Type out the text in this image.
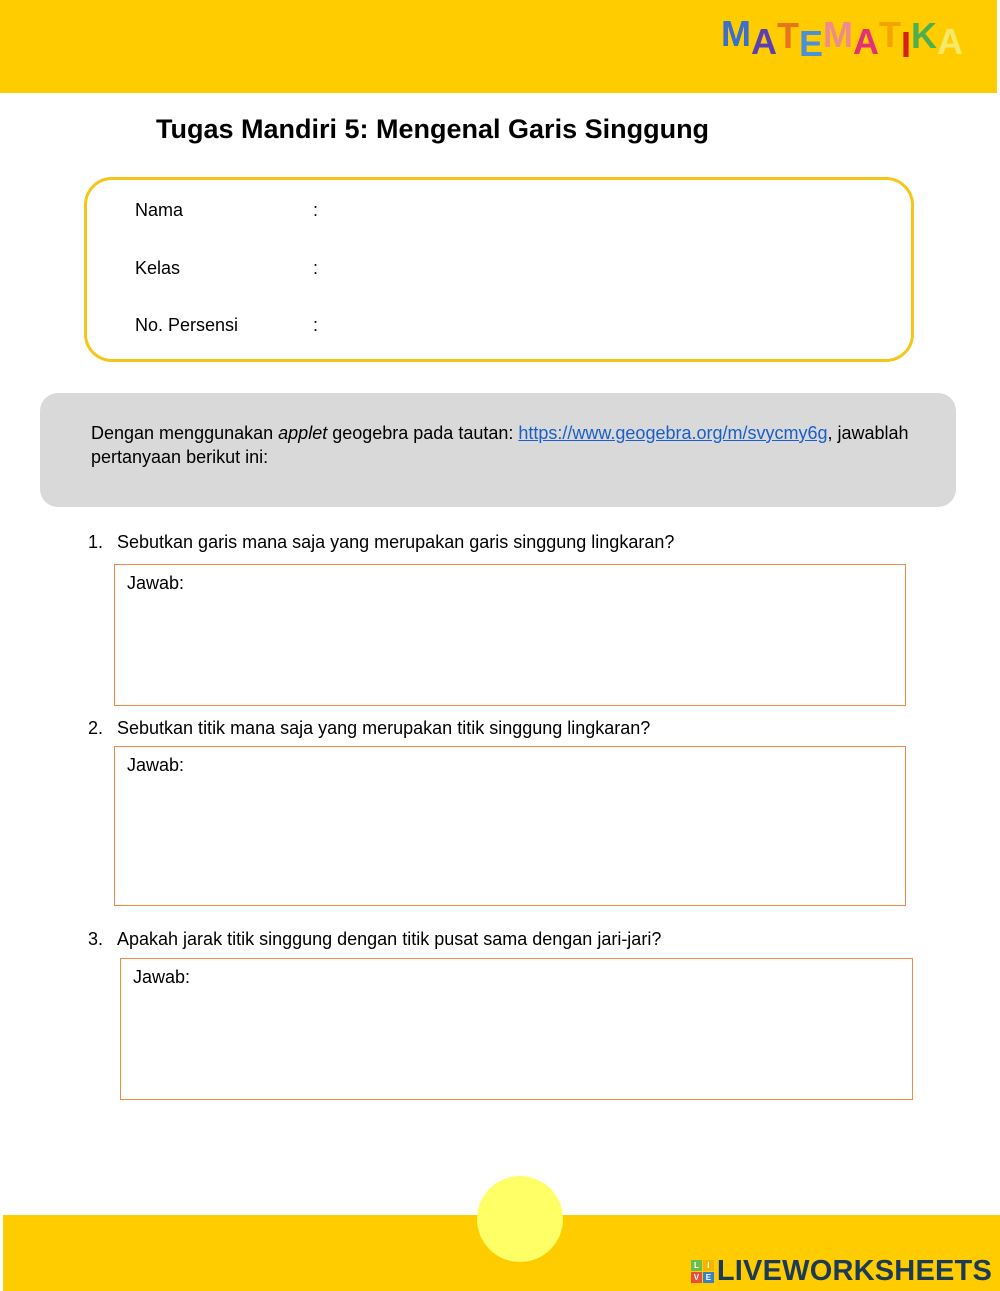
M A T E M A T I K A
Tugas Mandiri 5: Mengenal Garis Singgung
Nama	:
Kelas	:
No. Persensi	:

Dengan menggunakan applet geogebra pada tautan: https://www.geogebra.org/m/svycmy6g, jawablah pertanyaan berikut ini:

1. Sebutkan garis mana saja yang merupakan garis singgung lingkaran?
Jawab:
2. Sebutkan titik mana saja yang merupakan titik singgung lingkaran?
Jawab:
3. Apakah jarak titik singgung dengan titik pusat sama dengan jari-jari?
Jawab:
L	I
V E LIVEWORKSHEETS
